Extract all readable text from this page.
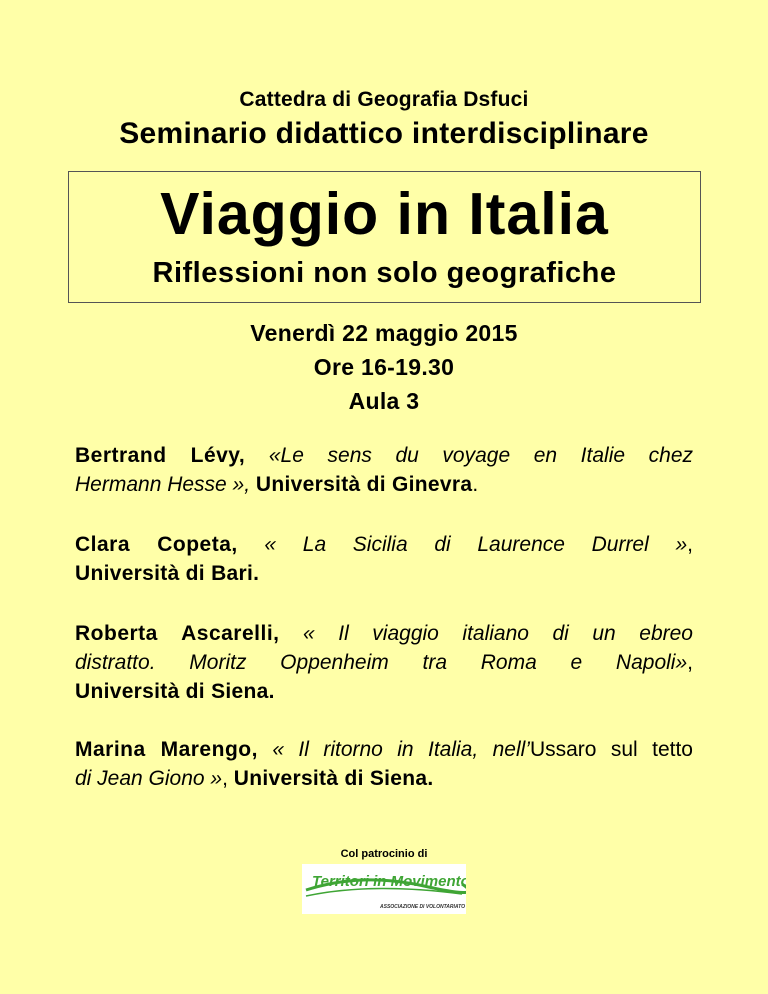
Cattedra di Geografia Dsfuci
Seminario didattico interdisciplinare
Viaggio in Italia
Riflessioni non solo geografiche
Venerdì 22 maggio 2015
Ore 16-19.30
Aula 3
Bertrand Lévy, «Le sens du voyage en Italie chez
Hermann Hesse », Università di Ginevra.
Clara Copeta, « La Sicilia di Laurence Durrel »,
Università di Bari.
Roberta Ascarelli, « Il viaggio italiano di un ebreo
distratto. Moritz Oppenheim tra Roma e Napoli»,
Università di Siena.
Marina Marengo, « Il ritorno in Italia, nell’Ussaro sul tetto
di Jean Giono », Università di Siena.
Col patrocinio di
Territori in Movimento
ASSOCIAZIONE DI VOLONTARIATO
